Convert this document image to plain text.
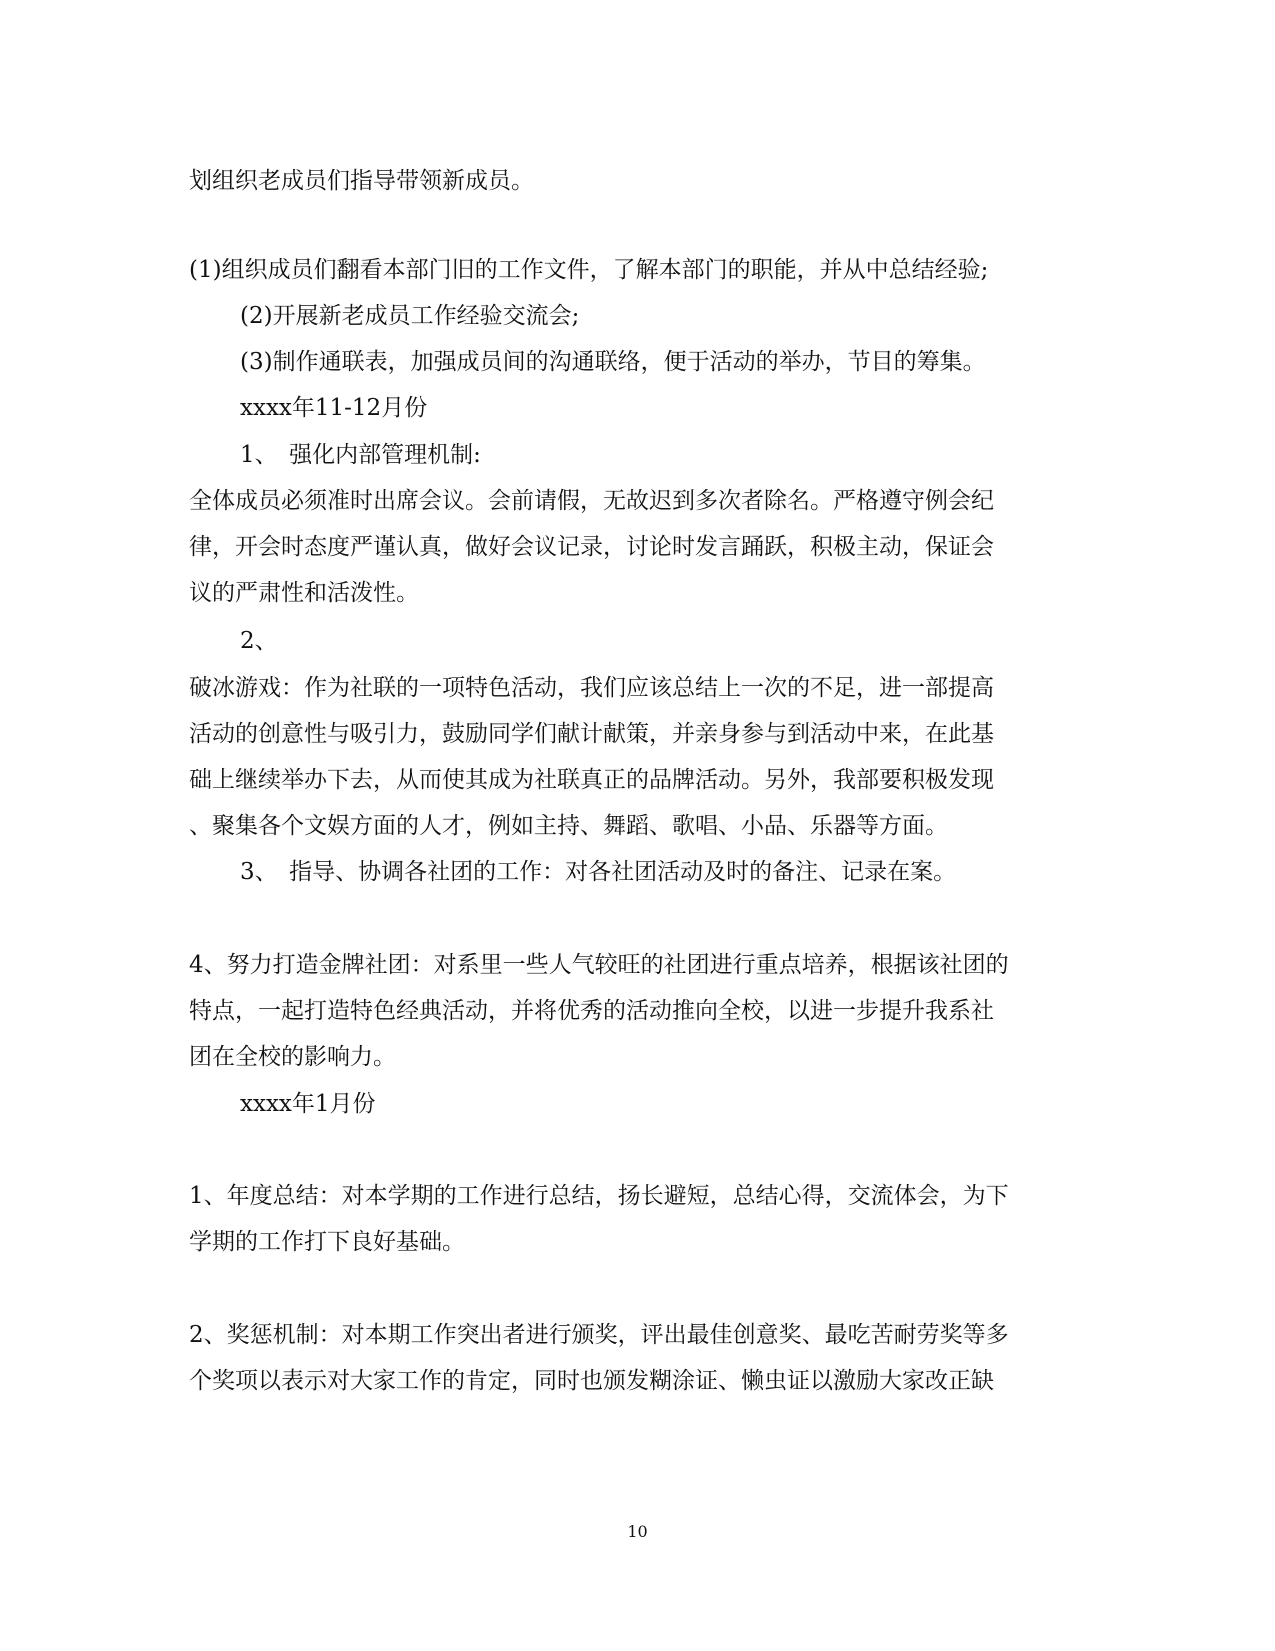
划组织老成员们指导带领新成员。
(1)组织成员们翻看本部门旧的工作文件，了解本部门的职能，并从中总结经验;
(2)开展新老成员工作经验交流会;
(3)制作通联表，加强成员间的沟通联络，便于活动的举办，节目的筹集。
xxxx年11-12月份
1、　强化内部管理机制:
全体成员必须准时出席会议。会前请假，无故迟到多次者除名。严格遵守例会纪
律，开会时态度严谨认真，做好会议记录，讨论时发言踊跃，积极主动，保证会
议的严肃性和活泼性。
2、
破冰游戏：作为社联的一项特色活动，我们应该总结上一次的不足，进一部提高
活动的创意性与吸引力，鼓励同学们献计献策，并亲身参与到活动中来，在此基
础上继续举办下去，从而使其成为社联真正的品牌活动。另外，我部要积极发现
、聚集各个文娱方面的人才，例如主持、舞蹈、歌唱、小品、乐器等方面。
3、　指导、协调各社团的工作：对各社团活动及时的备注、记录在案。
4、努力打造金牌社团：对系里一些人气较旺的社团进行重点培养，根据该社团的
特点，一起打造特色经典活动，并将优秀的活动推向全校，以进一步提升我系社
团在全校的影响力。
xxxx年1月份
1、年度总结：对本学期的工作进行总结，扬长避短，总结心得，交流体会，为下
学期的工作打下良好基础。
2、奖惩机制：对本期工作突出者进行颁奖，评出最佳创意奖、最吃苦耐劳奖等多
个奖项以表示对大家工作的肯定，同时也颁发糊涂证、懒虫证以激励大家改正缺
10
